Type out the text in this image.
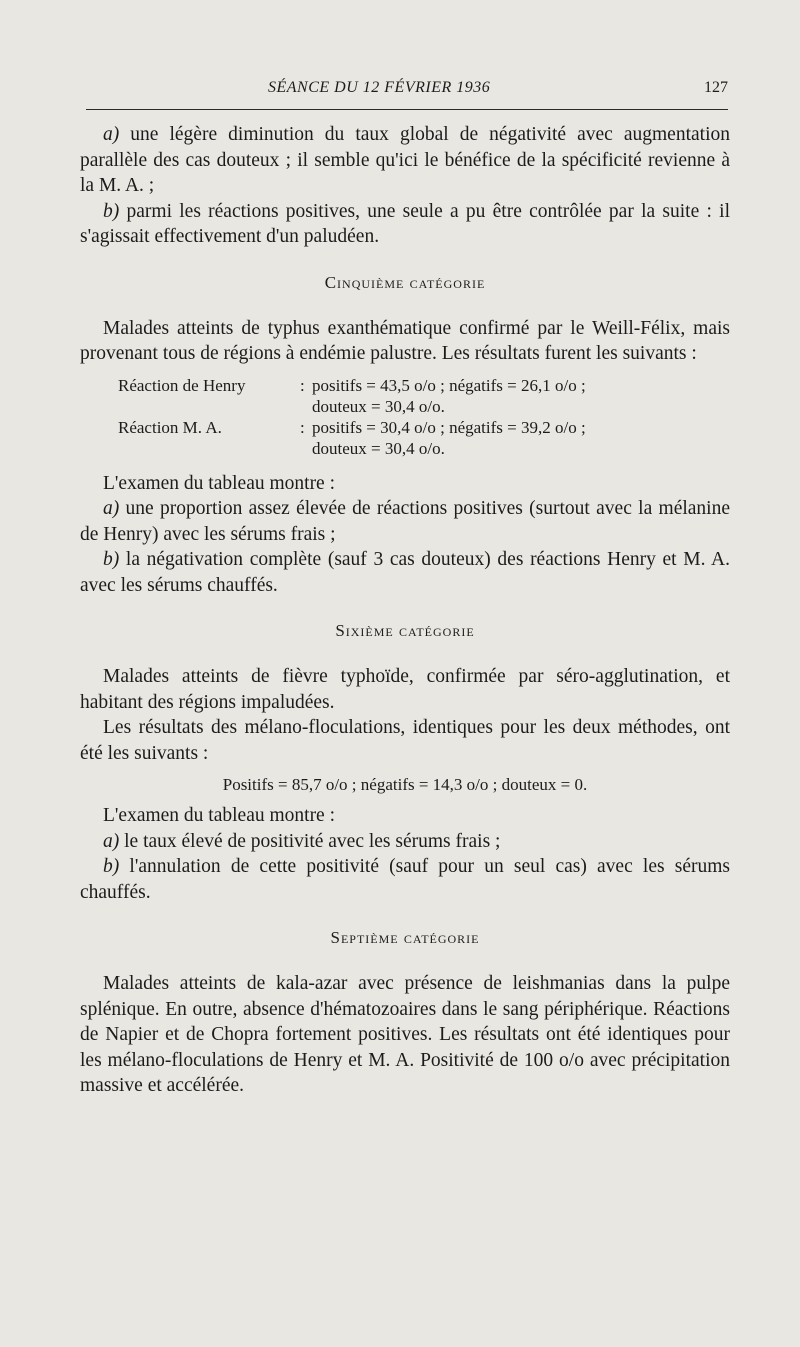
SÉANCE DU 12 FÉVRIER 1936	127

a) une légère diminution du taux global de négativité avec augmentation parallèle des cas douteux ; il semble qu'ici le bénéfice de la spécificité revienne à la M. A. ;

b) parmi les réactions positives, une seule a pu être contrôlée par la suite : il s'agissait effectivement d'un paludéen.

Cinquième catégorie

Malades atteints de typhus exanthématique confirmé par le Weill-Félix, mais provenant tous de régions à endémie palustre. Les résultats furent les suivants :

Réaction de Henry	:	positifs = 43,5 o/o ; négatifs = 26,1 o/o ;
douteux = 30,4 o/o.

Réaction M. A.	:	positifs = 30,4 o/o ; négatifs = 39,2 o/o ;
douteux = 30,4 o/o.

L'examen du tableau montre :

a) une proportion assez élevée de réactions positives (surtout avec la mélanine de Henry) avec les sérums frais ;

b) la négativation complète (sauf 3 cas douteux) des réactions Henry et M. A. avec les sérums chauffés.

Sixième catégorie

Malades atteints de fièvre typhoïde, confirmée par séro-agglutination, et habitant des régions impaludées.

Les résultats des mélano-floculations, identiques pour les deux méthodes, ont été les suivants :

Positifs = 85,7 o/o ; négatifs = 14,3 o/o ; douteux = 0.

L'examen du tableau montre :

a) le taux élevé de positivité avec les sérums frais ;

b) l'annulation de cette positivité (sauf pour un seul cas) avec les sérums chauffés.

Septième catégorie

Malades atteints de kala-azar avec présence de leishmanias dans la pulpe splénique. En outre, absence d'hématozoaires dans le sang périphérique. Réactions de Napier et de Chopra fortement positives. Les résultats ont été identiques pour les mélano-floculations de Henry et M. A. Positivité de 100 o/o avec précipitation massive et accélérée.
